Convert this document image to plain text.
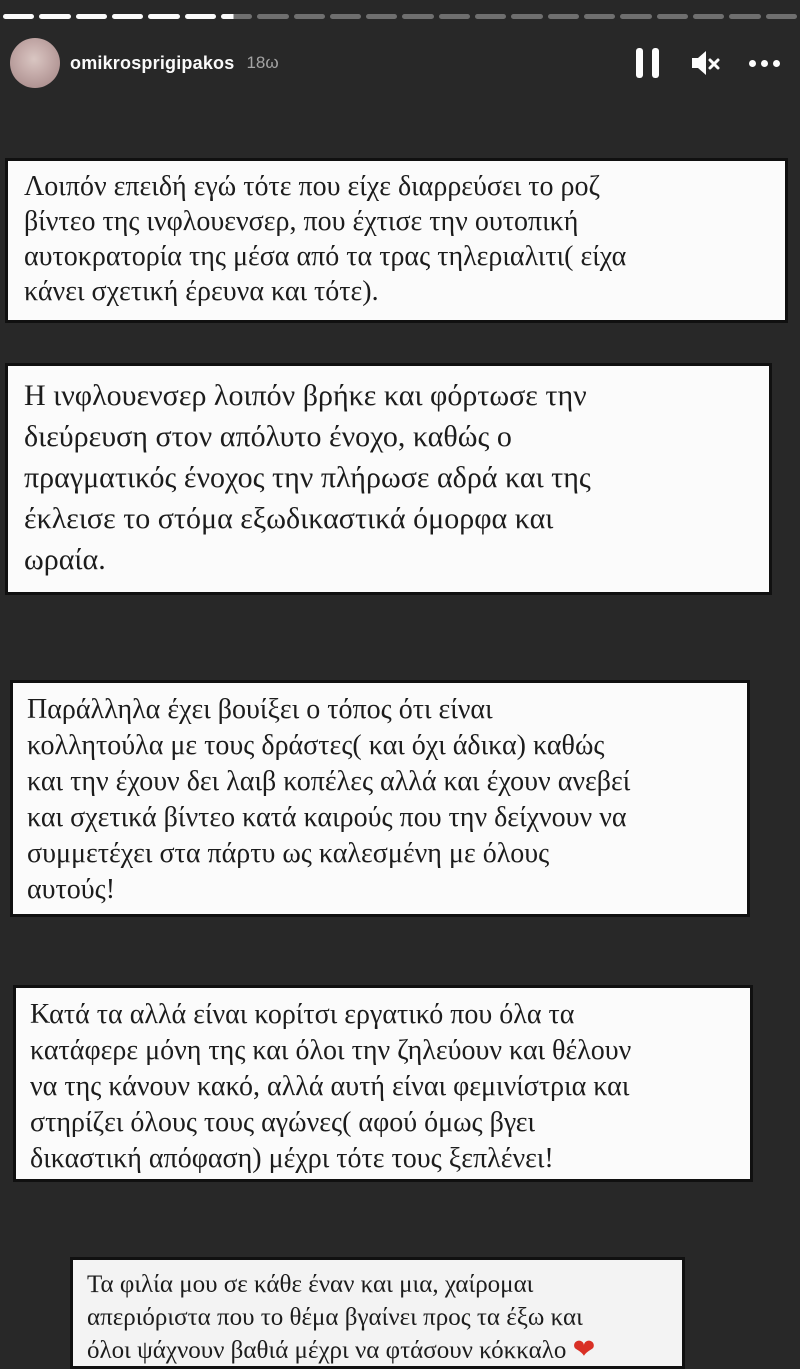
omikrosprigipakos 18ω
Λοιπόν επειδή εγώ τότε που είχε διαρρεύσει το ροζ
βίντεο της ινφλουενσερ, που έχτισε την ουτοπική
αυτοκρατορία της μέσα από τα τρας τηλεριαλιτι( είχα
κάνει σχετική έρευνα και τότε).
Η ινφλουενσερ λοιπόν βρήκε και φόρτωσε την
διεύρευση στον απόλυτο ένοχο, καθώς ο
πραγματικός ένοχος την πλήρωσε αδρά και της
έκλεισε το στόμα εξωδικαστικά όμορφα και
ωραία.
Παράλληλα έχει βουίξει ο τόπος ότι είναι
κολλητούλα με τους δράστες( και όχι άδικα) καθώς
και την έχουν δει λαιβ κοπέλες αλλά και έχουν ανεβεί
και σχετικά βίντεο κατά καιρούς που την δείχνουν να
συμμετέχει στα πάρτυ ως καλεσμένη με όλους
αυτούς!
Κατά τα αλλά είναι κορίτσι εργατικό που όλα τα
κατάφερε μόνη της και όλοι την ζηλεύουν και θέλουν
να της κάνουν κακό, αλλά αυτή είναι φεμινίστρια και
στηρίζει όλους τους αγώνες( αφού όμως βγει
δικαστική απόφαση) μέχρι τότε τους ξεπλένει!
Τα φιλία μου σε κάθε έναν και μια, χαίρομαι
απεριόριστα που το θέμα βγαίνει προς τα έξω και
όλοι ψάχνουν βαθιά μέχρι να φτάσουν κόκκαλο ❤
